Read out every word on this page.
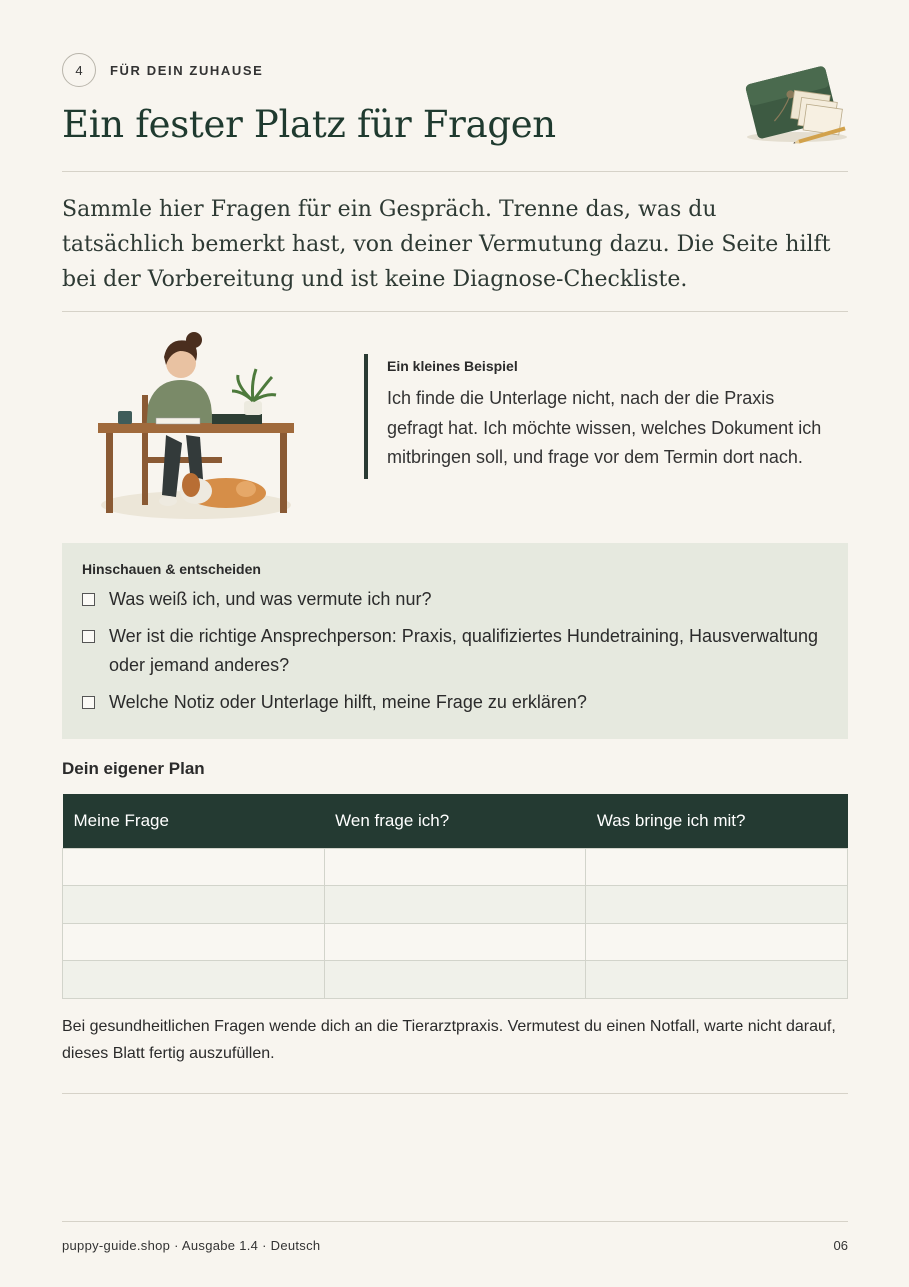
4	FÜR DEIN ZUHAUSE
Ein fester Platz für Fragen

Sammle hier Fragen für ein Gespräch. Trenne das, was du tatsächlich bemerkt hast, von deiner Vermutung dazu. Die Seite hilft bei der Vorbereitung und ist keine Diagnose-Checkliste.

Ein kleines Beispiel
Ich finde die Unterlage nicht, nach der die Praxis gefragt hat. Ich möchte wissen, welches Dokument ich mitbringen soll, und frage vor dem Termin dort nach.
Hinschauen & entscheiden
Was weiß ich, und was vermute ich nur?
Wer ist die richtige Ansprechperson: Praxis, qualifiziertes Hundetraining, Hausverwaltung oder jemand anderes?
Welche Notiz oder Unterlage hilft, meine Frage zu erklären?
Dein eigener Plan
Meine Frage	Wen frage ich?	Was bringe ich mit?

Bei gesundheitlichen Fragen wende dich an die Tierarztpraxis. Vermutest du einen Notfall, warte nicht darauf, dieses Blatt fertig auszufüllen.

puppy-guide.shop · Ausgabe 1.4 · Deutsch	06
